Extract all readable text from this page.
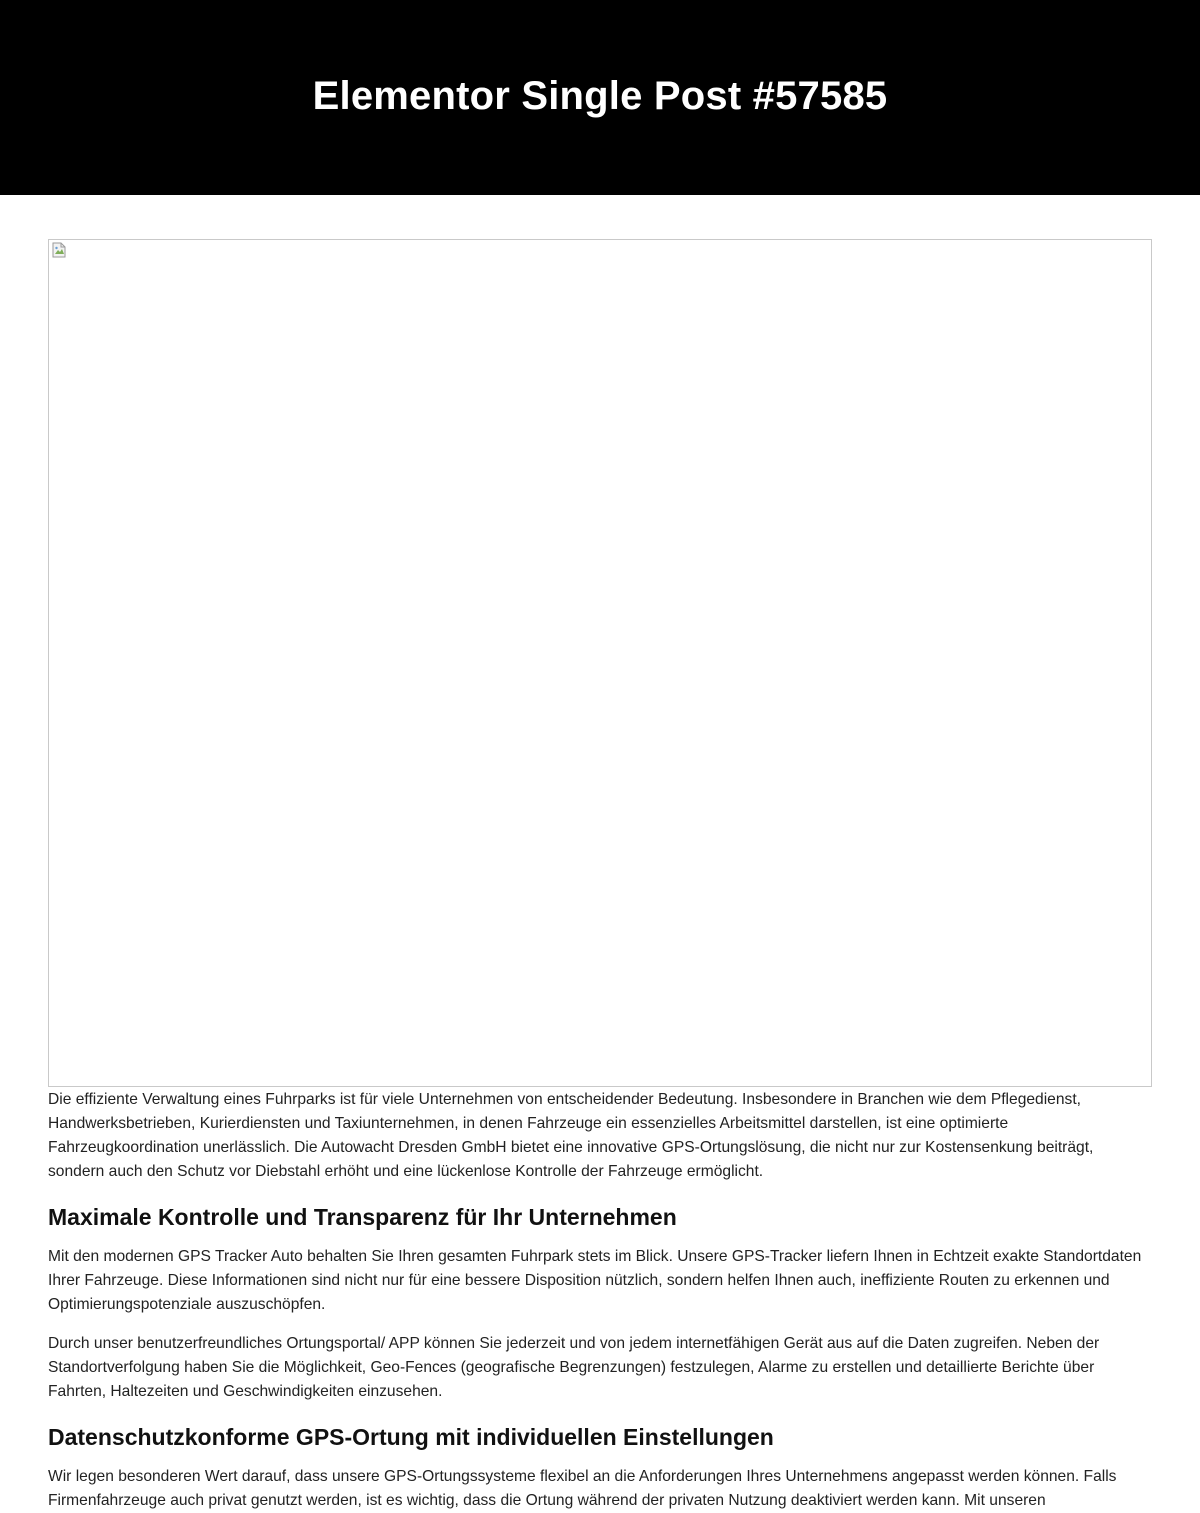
Elementor Single Post #57585

Die effiziente Verwaltung eines Fuhrparks ist für viele Unternehmen von entscheidender Bedeutung. Insbesondere in Branchen wie dem Pflegedienst, Handwerksbetrieben, Kurierdiensten und Taxiunternehmen, in denen Fahrzeuge ein essenzielles Arbeitsmittel darstellen, ist eine optimierte Fahrzeugkoordination unerlässlich. Die Autowacht Dresden GmbH bietet eine innovative GPS-Ortungslösung, die nicht nur zur Kostensenkung beiträgt, sondern auch den Schutz vor Diebstahl erhöht und eine lückenlose Kontrolle der Fahrzeuge ermöglicht.

Maximale Kontrolle und Transparenz für Ihr Unternehmen

Mit den modernen GPS Tracker Auto behalten Sie Ihren gesamten Fuhrpark stets im Blick. Unsere GPS-Tracker liefern Ihnen in Echtzeit exakte Standortdaten Ihrer Fahrzeuge. Diese Informationen sind nicht nur für eine bessere Disposition nützlich, sondern helfen Ihnen auch, ineffiziente Routen zu erkennen und Optimierungspotenziale auszuschöpfen.

Durch unser benutzerfreundliches Ortungsportal/ APP können Sie jederzeit und von jedem internetfähigen Gerät aus auf die Daten zugreifen. Neben der Standortverfolgung haben Sie die Möglichkeit, Geo-Fences (geografische Begrenzungen) festzulegen, Alarme zu erstellen und detaillierte Berichte über Fahrten, Haltezeiten und Geschwindigkeiten einzusehen.

Datenschutzkonforme GPS-Ortung mit individuellen Einstellungen

Wir legen besonderen Wert darauf, dass unsere GPS-Ortungssysteme flexibel an die Anforderungen Ihres Unternehmens angepasst werden können. Falls Firmenfahrzeuge auch privat genutzt werden, ist es wichtig, dass die Ortung während der privaten Nutzung deaktiviert werden kann. Mit unseren
